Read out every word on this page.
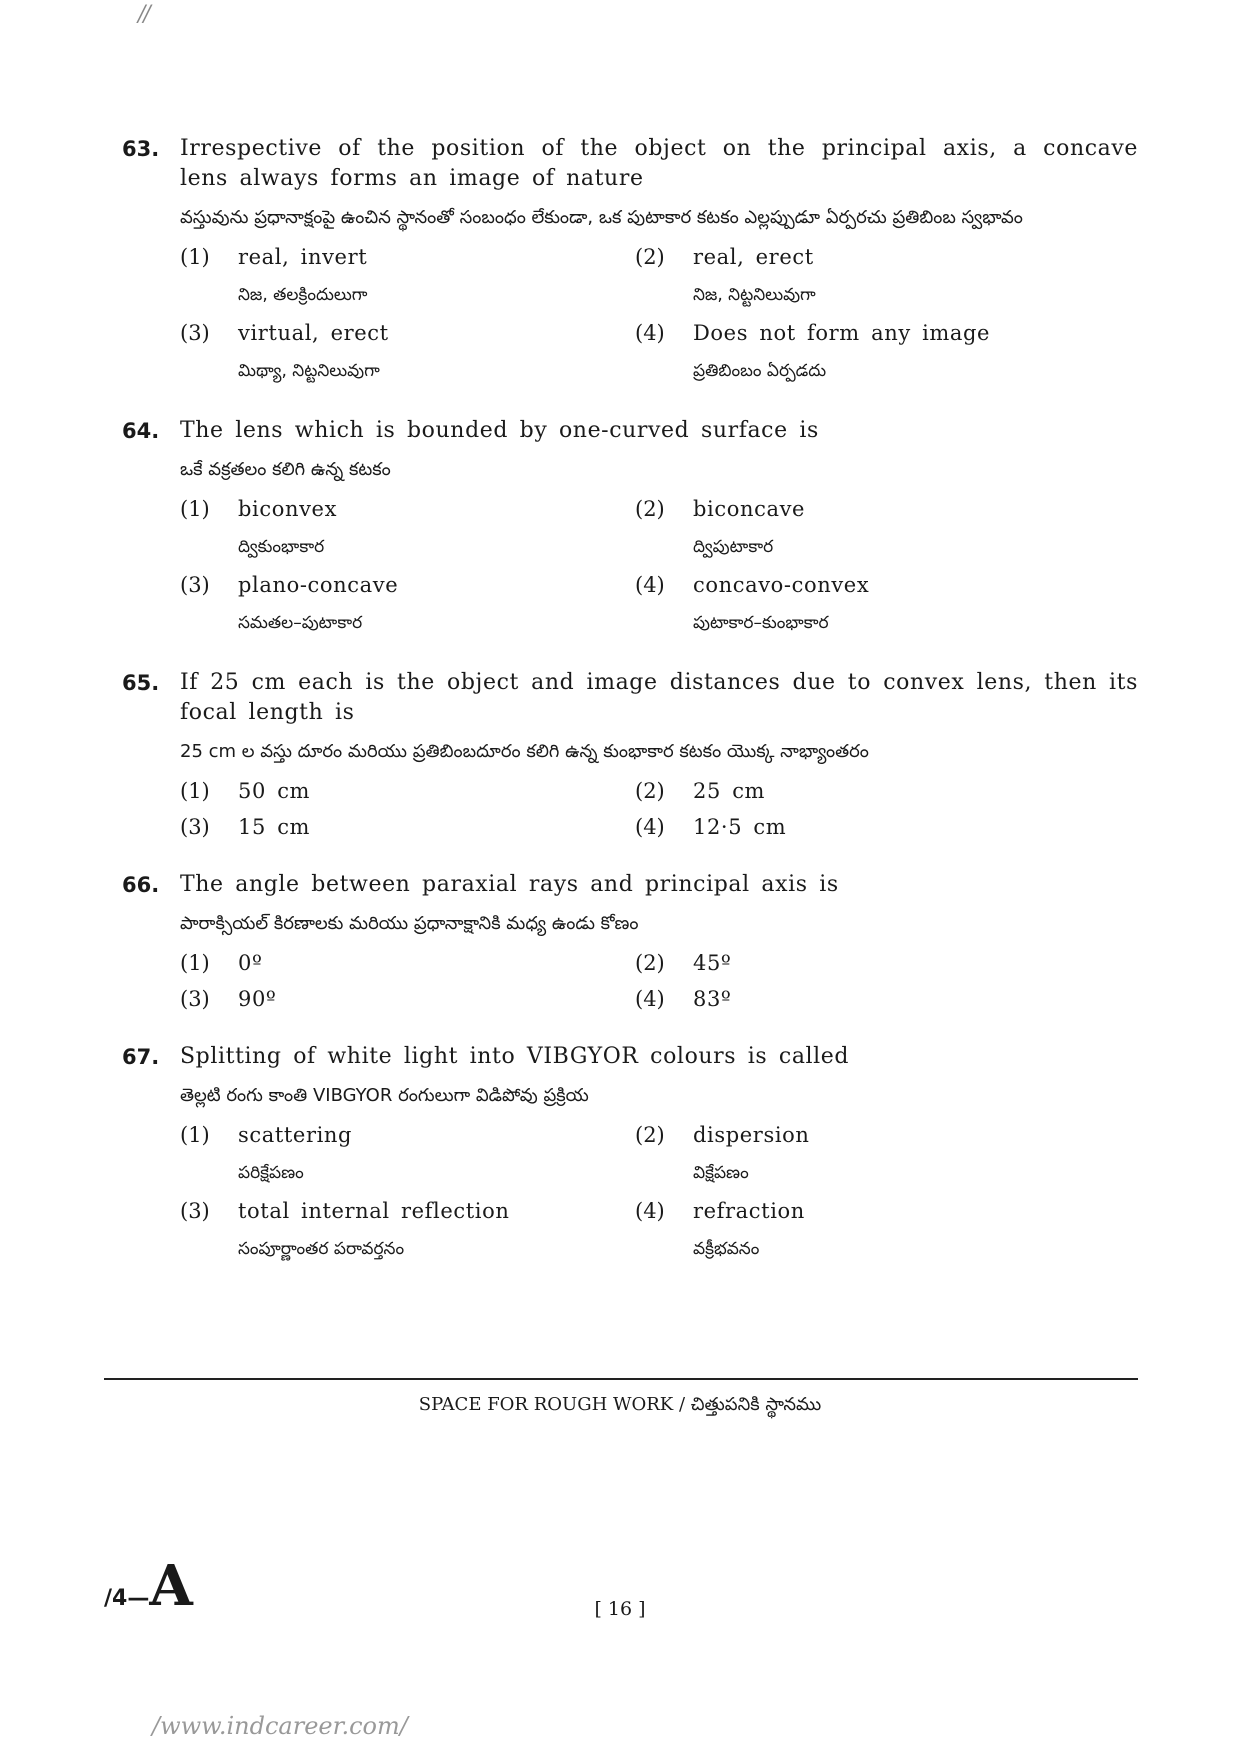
//
63. Irrespective of the position of the object on the principal axis, a concave lens always forms an image of nature
వస్తువును ప్రధానాక్షంపై ఉంచిన స్థానంతో సంబంధం లేకుండా, ఒక పుటాకార కటకం ఎల్లప్పుడూ ఏర్పరచు ప్రతిబింబ స్వభావం
(1)	real, invert
నిజ, తలక్రిందులుగా
(2)	real, erect
నిజ, నిట్టనిలువుగా
(3)	virtual, erect
మిథ్యా, నిట్టనిలువుగా
(4)	Does not form any image
ప్రతిబింబం ఏర్పడదు
64. The lens which is bounded by one-curved surface is
ఒకే వక్రతలం కలిగి ఉన్న కటకం
(1)	biconvex
ద్వికుంభాకార
(2)	biconcave
ద్విపుటాకార
(3)	plano-concave
సమతల–పుటాకార
(4)	concavo-convex
పుటాకార–కుంభాకార
65. If 25 cm each is the object and image distances due to convex lens, then its focal length is
25 cm ల వస్తు దూరం మరియు ప్రతిబింబదూరం కలిగి ఉన్న కుంభాకార కటకం యొక్క నాభ్యాంతరం
(1)	50 cm	(2)	25 cm
(3)	15 cm	(4)	12·5 cm
66. The angle between paraxial rays and principal axis is
పారాక్సియల్ కిరణాలకు మరియు ప్రధానాక్షానికి మధ్య ఉండు కోణం
(1)	0º	(2)	45º
(3)	90º	(4)	83º
67. Splitting of white light into VIBGYOR colours is called
తెల్లటి రంగు కాంతి VIBGYOR రంగులుగా విడిపోవు ప్రక్రియ
(1)	scattering
పరిక్షేపణం
(2)	dispersion
విక్షేపణం
(3)	total internal reflection
సంపూర్ణాంతర పరావర్తనం
(4)	refraction
వక్రీభవనం
SPACE FOR ROUGH WORK / చిత్తుపనికి స్థానము
/4—A	[ 16 ]
/www.indcareer.com/
